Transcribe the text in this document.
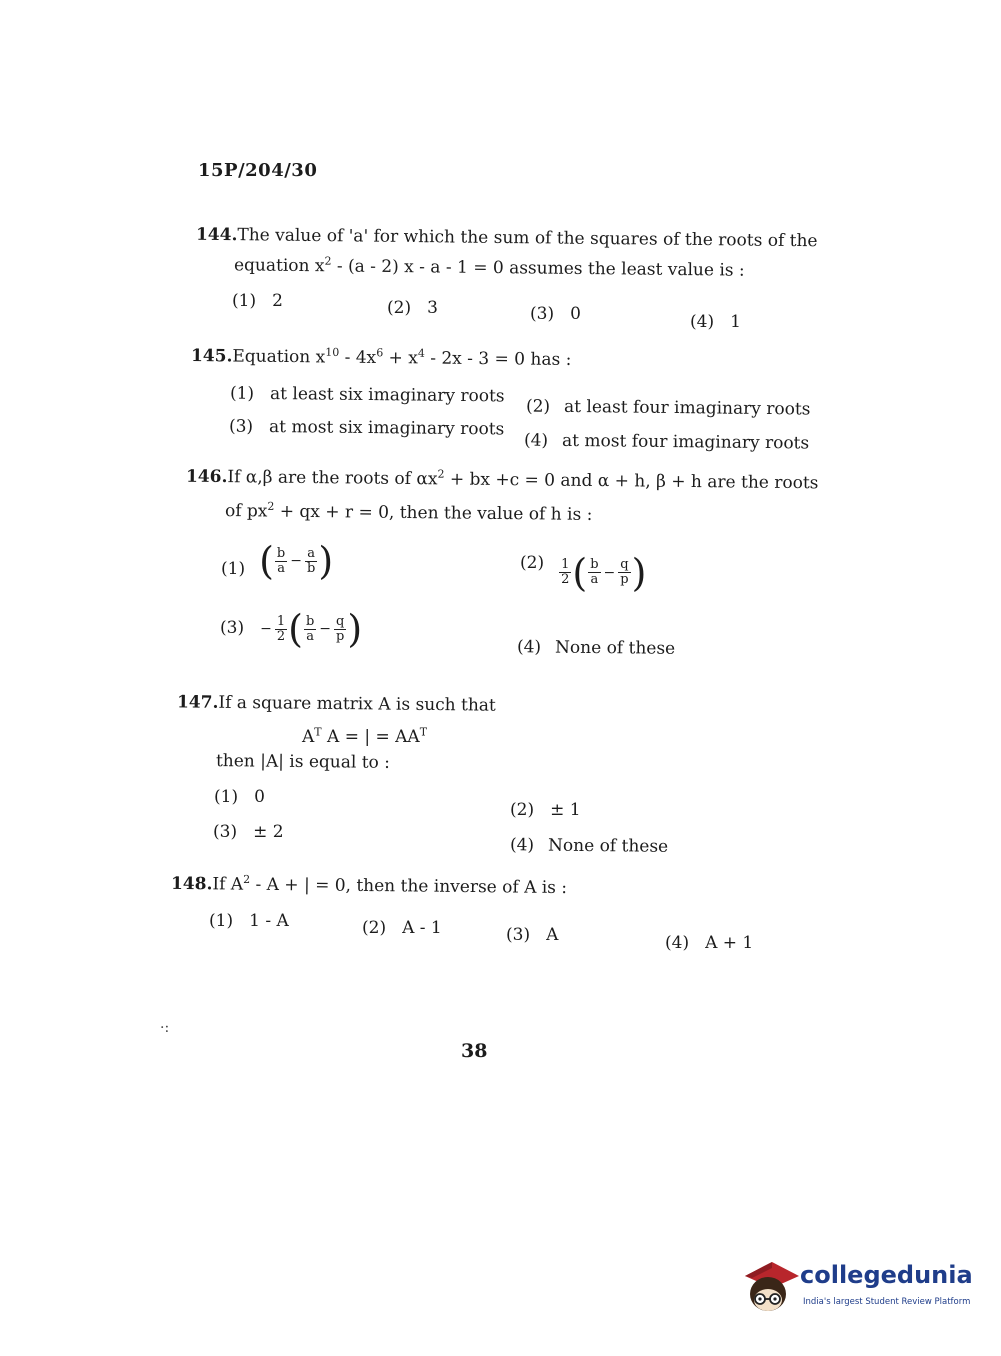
15P/204/30
144.The value of 'a' for which the sum of the squares of the roots of the
equation $x^2 - (a - 2)$ x - a - 1 = 0 assumes the least value is :
(1) 2	(2) 3	(3) 0	(4) 1
145.Equation $x^{10} - 4x^6 + x^4 - 2x - 3 = 0$ has :
(1) at least six imaginary roots
(2) at least four imaginary roots
(3) at most six imaginary roots
(4) at most four imaginary roots
146.If α,β are the roots of $\alpha x^2$ + bx +c = 0 and α + h, β + h are the roots
of $px^2$ + qx + r = 0, then the value of h is :
(1) ( $\frac{b}{a} - \frac{a}{b}$ )	$(2) \frac{1}{2}$ ( $\frac{b}{a} - \frac{q}{p}$ )
$(3) - \frac{1}{2}$ ( $\frac{b}{a} - \frac{q}{p}$ )	(4) None of these
147.If a square matrix A is such that
$A^T$ A = | = $AA^T$
then |A| is equal to :
(1) 0
(2) ± 1
(3) ± 2
(4) None of these
148.If $A^2$ - A + | = 0, then the inverse of A is :
(1) 1 - A	(2) A - 1	(3) A	(4) A + 1
·:
38
collegedunia
India's largest Student Review Platform
